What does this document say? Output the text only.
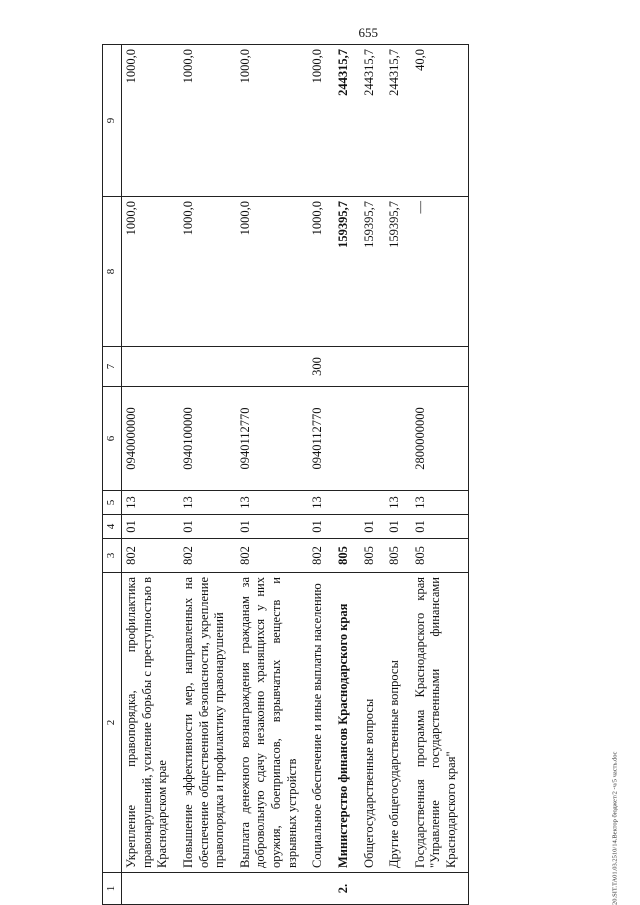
655
1	2	3	4	5	6	7	8	9
	Укрепление правопорядка, профилактика правонарушений, усиление борьбы с преступностью в Краснодарском крае	802	01	13	0940000000		1000,0	1000,0
	Повышение эффективности мер, направленных на обеспечение общественной безопасности, укрепление правопорядка и профилактику правонарушений	802	01	13	0940100000		1000,0	1000,0
	Выплата денежного вознаграждения гражданам за добровольную сдачу незаконно хранящихся у них оружия, боеприпасов, взрывчатых веществ и взрывных устройств	802	01	13	0940112770		1000,0	1000,0
	Социальное обеспечение и иные выплаты населению	802	01	13	0940112770	300	1000,0	1000,0
2.	Министерство финансов Краснодарского края	805					159395,7	244315,7
	Общегосударственные вопросы	805	01				159395,7	244315,7
	Другие общегосударственные вопросы	805	01	13			159395,7	244315,7
	Государственная программа Краснодарского края "Управление государственными финансами Краснодарского края"	805	01	13	2800000000		—	40,0
20.SIT.TA01.03.2510/14.Вектор бюджет/2 -ч/5 часть.doc
